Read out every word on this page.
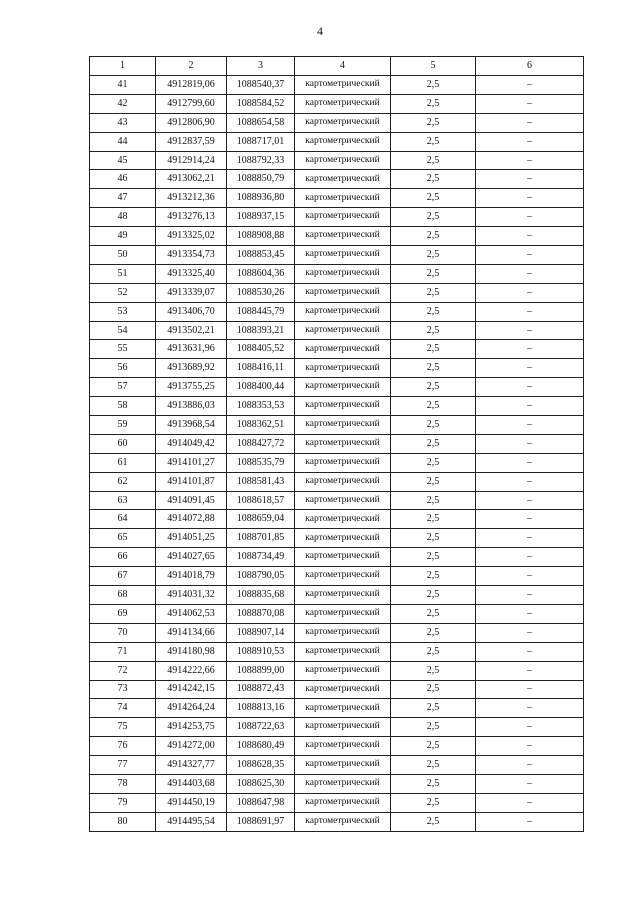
4
1	2	3	4	5	6
41	4912819,06	1088540,37	картометрический	2,5	–
42	4912799,60	1088584,52	картометрический	2,5	–
43	4912806,90	1088654,58	картометрический	2,5	–
44	4912837,59	1088717,01	картометрический	2,5	–
45	4912914,24	1088792,33	картометрический	2,5	–
46	4913062,21	1088850,79	картометрический	2,5	–
47	4913212,36	1088936,80	картометрический	2,5	–
48	4913276,13	1088937,15	картометрический	2,5	–
49	4913325,02	1088908,88	картометрический	2,5	–
50	4913354,73	1088853,45	картометрический	2,5	–
51	4913325,40	1088604,36	картометрический	2,5	–
52	4913339,07	1088530,26	картометрический	2,5	–
53	4913406,70	1088445,79	картометрический	2,5	–
54	4913502,21	1088393,21	картометрический	2,5	–
55	4913631,96	1088405,52	картометрический	2,5	–
56	4913689,92	1088416,11	картометрический	2,5	–
57	4913755,25	1088400,44	картометрический	2,5	–
58	4913886,03	1088353,53	картометрический	2,5	–
59	4913968,54	1088362,51	картометрический	2,5	–
60	4914049,42	1088427,72	картометрический	2,5	–
61	4914101,27	1088535,79	картометрический	2,5	–
62	4914101,87	1088581,43	картометрический	2,5	–
63	4914091,45	1088618,57	картометрический	2,5	–
64	4914072,88	1088659,04	картометрический	2,5	–
65	4914051,25	1088701,85	картометрический	2,5	–
66	4914027,65	1088734,49	картометрический	2,5	–
67	4914018,79	1088790,05	картометрический	2,5	–
68	4914031,32	1088835,68	картометрический	2,5	–
69	4914062,53	1088870,08	картометрический	2,5	–
70	4914134,66	1088907,14	картометрический	2,5	–
71	4914180,98	1088910,53	картометрический	2,5	–
72	4914222,66	1088899,00	картометрический	2,5	–
73	4914242,15	1088872,43	картометрический	2,5	–
74	4914264,24	1088813,16	картометрический	2,5	–
75	4914253,75	1088722,63	картометрический	2,5	–
76	4914272,00	1088680,49	картометрический	2,5	–
77	4914327,77	1088628,35	картометрический	2,5	–
78	4914403,68	1088625,30	картометрический	2,5	–
79	4914450,19	1088647,98	картометрический	2,5	–
80	4914495,54	1088691,97	картометрический	2,5	–
